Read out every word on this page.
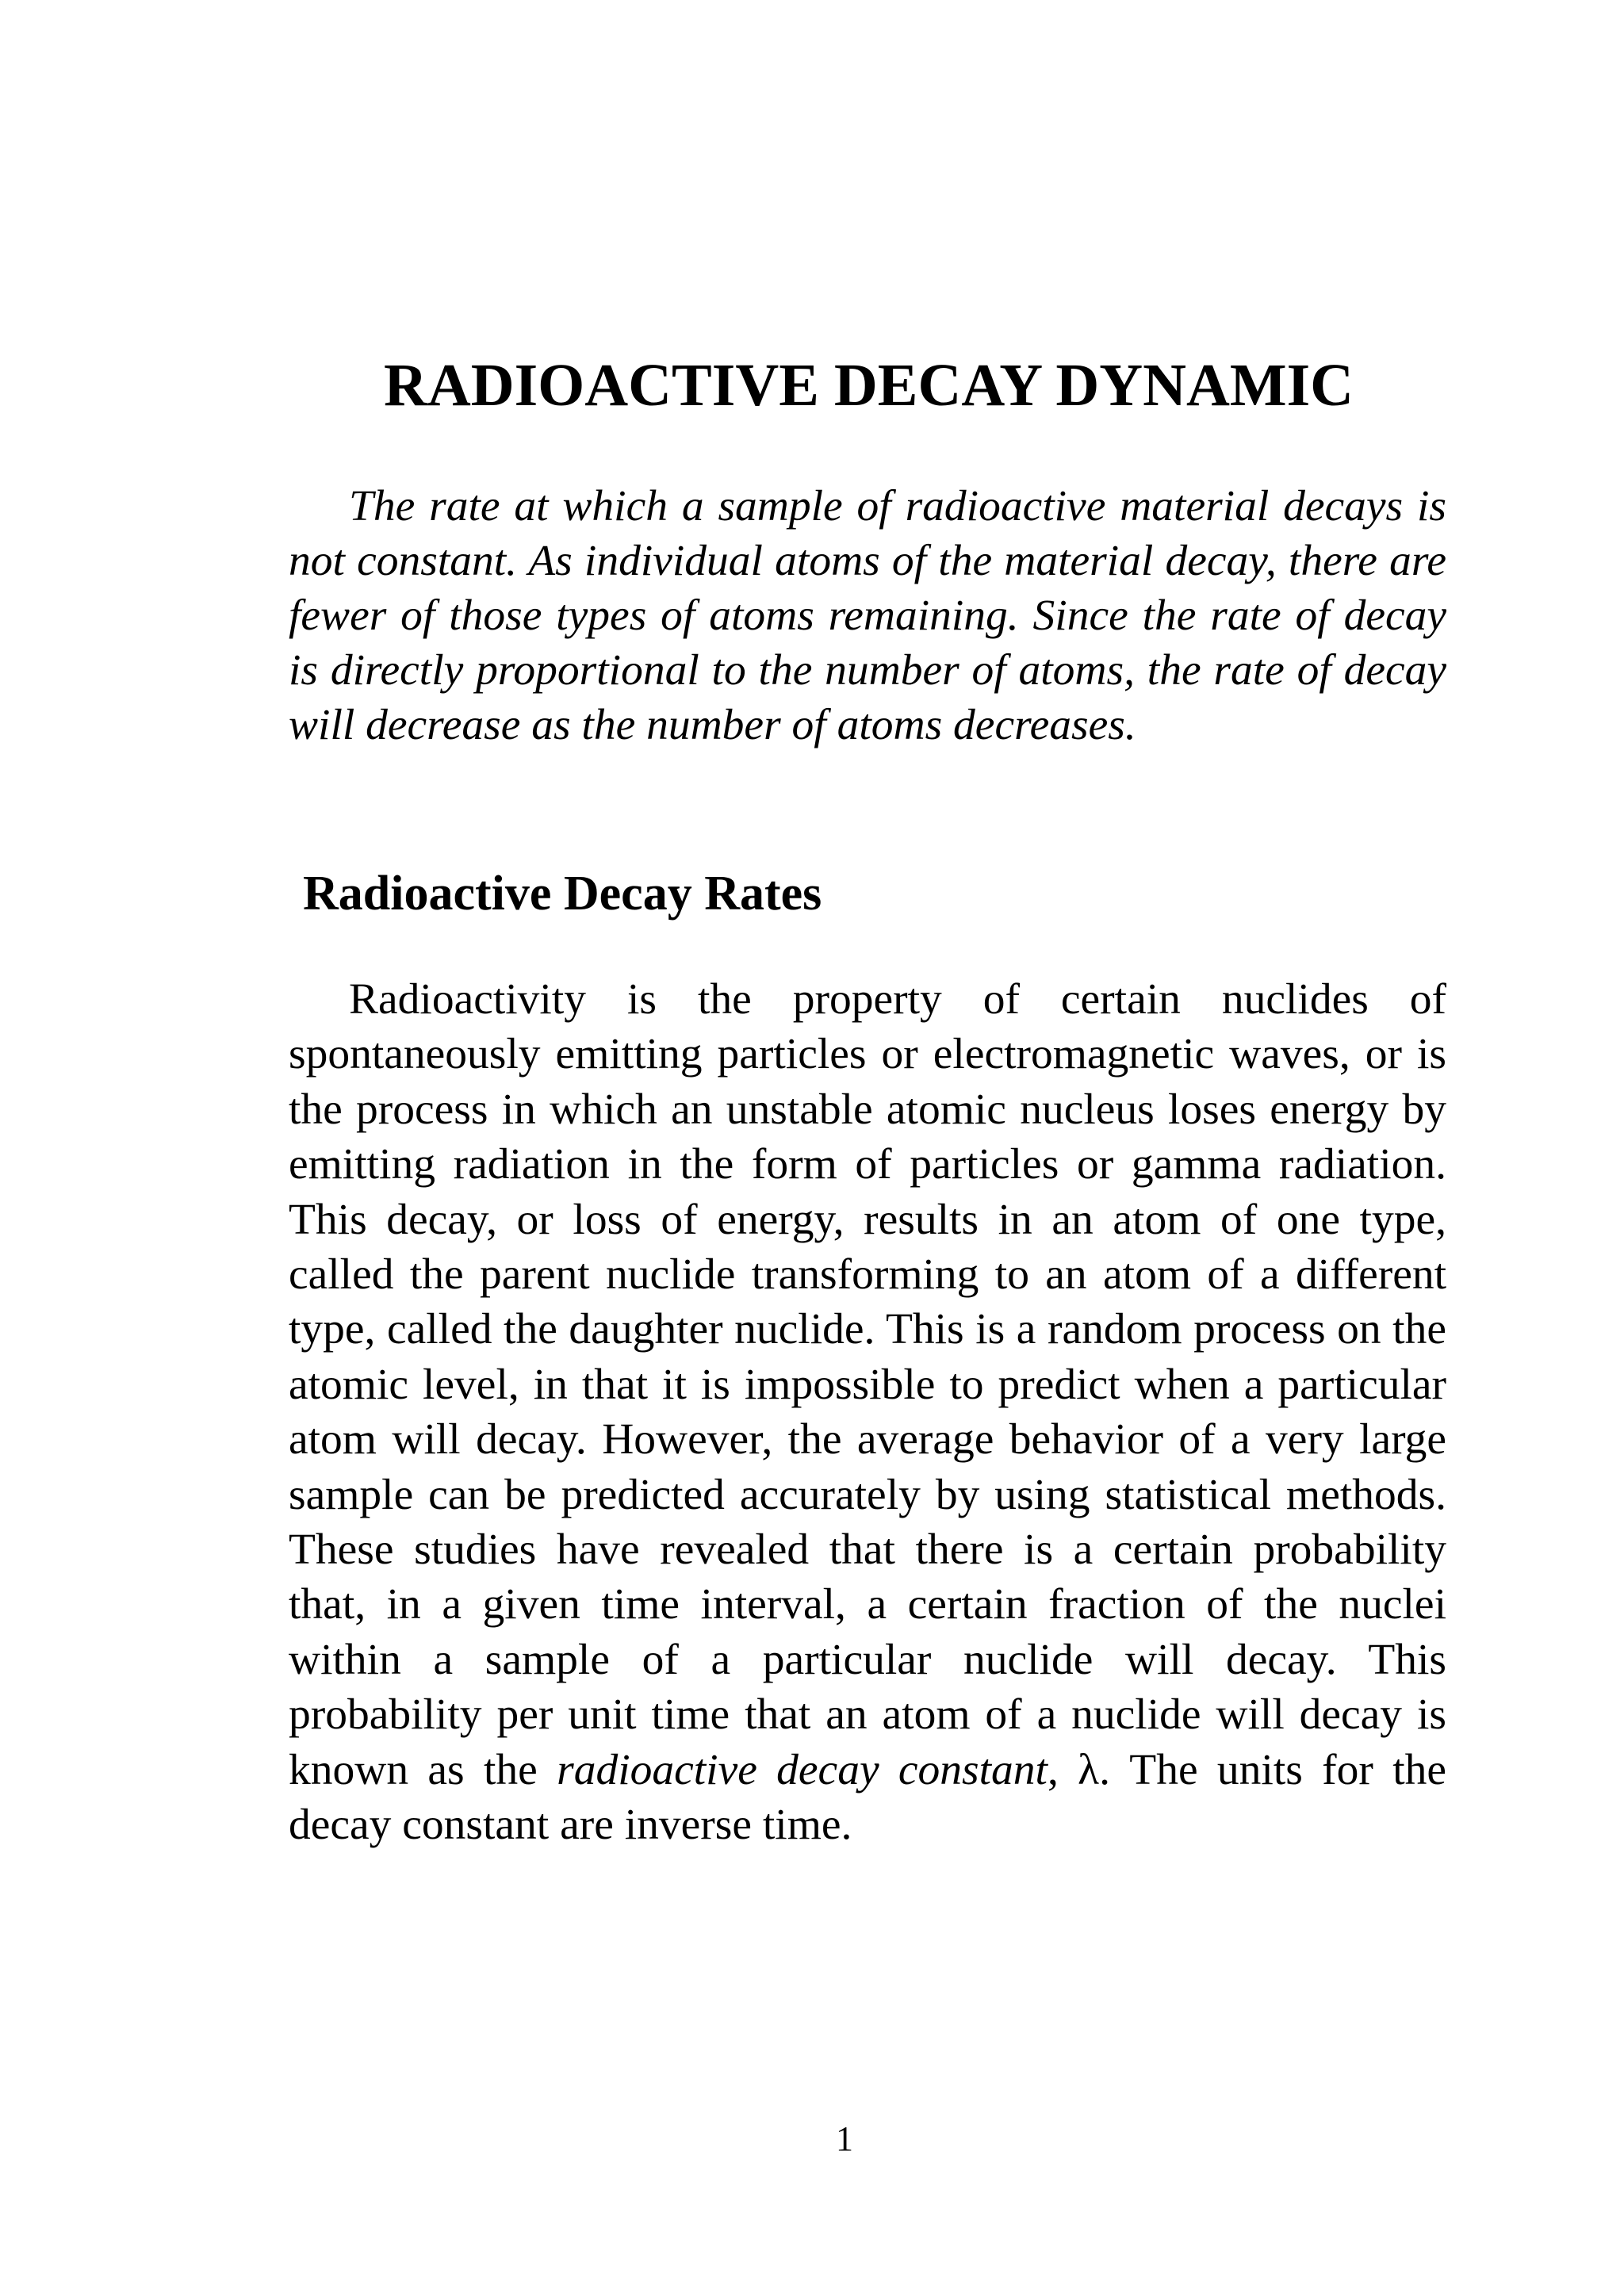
RADIOACTIVE DECAY DYNAMIC

The rate at which a sample of radioactive material decays is not constant. As individual atoms of the material decay, there are fewer of those types of atoms remaining. Since the rate of decay is directly proportional to the number of atoms, the rate of decay will decrease as the number of atoms decreases.

Radioactive Decay Rates

Radioactivity is the property of certain nuclides of spontaneously emitting particles or electromagnetic waves, or is the process in which an unstable atomic nucleus loses energy by emitting radiation in the form of particles or gamma radiation. This decay, or loss of energy, results in an atom of one type, called the parent nuclide transforming to an atom of a different type, called the daughter nuclide. This is a random process on the atomic level, in that it is impossible to predict when a particular atom will decay. However, the average behavior of a very large sample can be predicted accurately by using statistical methods. These studies have revealed that there is a certain probability that, in a given time interval, a certain fraction of the nuclei within a sample of a particular nuclide will decay. This probability per unit time that an atom of a nuclide will decay is known as the radioactive decay constant, λ. The units for the decay constant are inverse time.

1
